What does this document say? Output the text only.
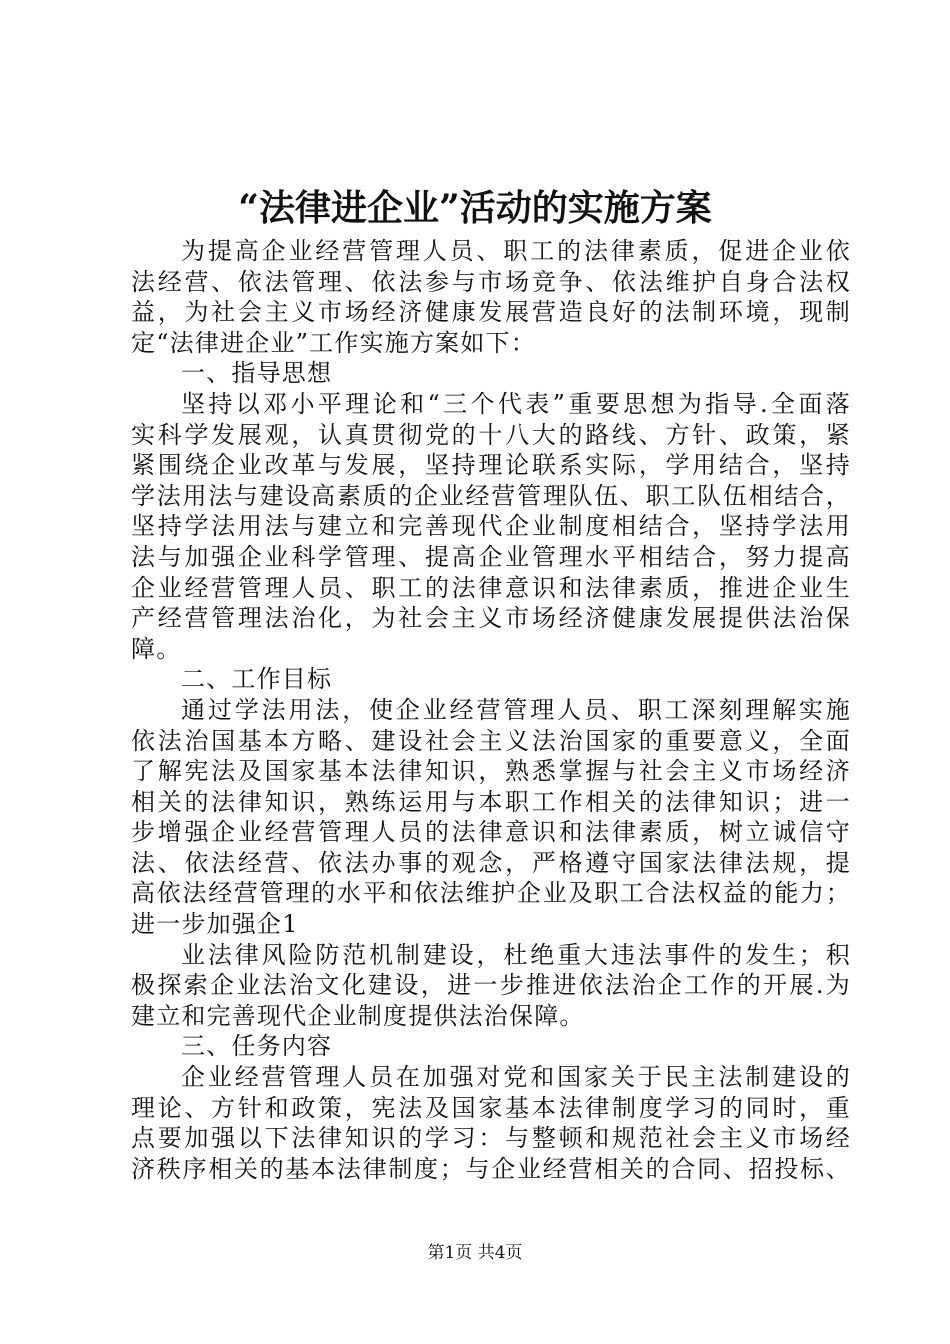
“法律进企业”活动的实施方案
为提高企业经营管理人员、职工的法律素质，促进企业依
法经营、依法管理、依法参与市场竞争、依法维护自身合法权
益，为社会主义市场经济健康发展营造良好的法制环境，现制
定“法律进企业”工作实施方案如下：
一、指导思想
坚持以邓小平理论和“三个代表”重要思想为指导.全面落
实科学发展观，认真贯彻党的十八大的路线、方针、政策，紧
紧围绕企业改革与发展，坚持理论联系实际，学用结合，坚持
学法用法与建设高素质的企业经营管理队伍、职工队伍相结合，
坚持学法用法与建立和完善现代企业制度相结合，坚持学法用
法与加强企业科学管理、提高企业管理水平相结合，努力提高
企业经营管理人员、职工的法律意识和法律素质，推进企业生
产经营管理法治化，为社会主义市场经济健康发展提供法治保
障。
二、工作目标
通过学法用法，使企业经营管理人员、职工深刻理解实施
依法治国基本方略、建设社会主义法治国家的重要意义，全面
了解宪法及国家基本法律知识，熟悉掌握与社会主义市场经济
相关的法律知识，熟练运用与本职工作相关的法律知识；进一
步增强企业经营管理人员的法律意识和法律素质，树立诚信守
法、依法经营、依法办事的观念，严格遵守国家法律法规，提
高依法经营管理的水平和依法维护企业及职工合法权益的能力；
进一步加强企1
业法律风险防范机制建设，杜绝重大违法事件的发生；积
极探索企业法治文化建设，进一步推进依法治企工作的开展.为
建立和完善现代企业制度提供法治保障。
三、任务内容
企业经营管理人员在加强对党和国家关于民主法制建设的
理论、方针和政策，宪法及国家基本法律制度学习的同时，重
点要加强以下法律知识的学习：与整顿和规范社会主义市场经
济秩序相关的基本法律制度；与企业经营相关的合同、招投标、
第1页 共4页
